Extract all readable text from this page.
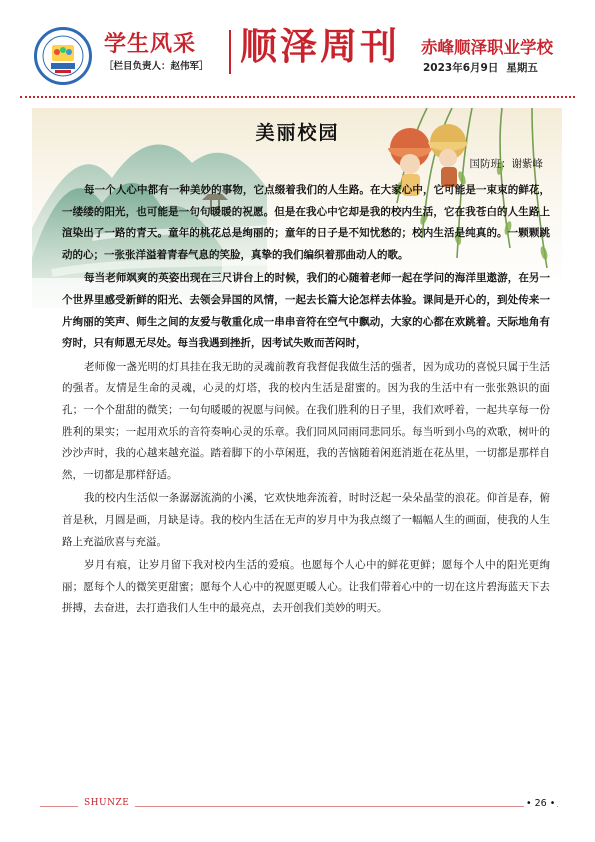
学生风采
［栏目负责人：赵伟军］ 顺泽周刊 赤峰顺泽职业学校
2023年6月9日 星期五
美丽校园
国防班：谢紫峰

每一个人心中都有一种美妙的事物，它点缀着我们的人生路。在大家心中，它可能是一束束的鲜花，一缕缕的阳光，也可能是一句句暖暖的祝愿。但是在我心中它却是我的校内生活，它在我苍白的人生路上渲染出了一路的青天。童年的桃花总是绚丽的；童年的日子是不知忧愁的；校内生活是纯真的。一颗颗跳动的心；一张张洋溢着青春气息的笑脸，真挚的我们编织着那曲动人的歌。

每当老师飒爽的英姿出现在三尺讲台上的时候，我们的心随着老师一起在学问的海洋里遨游，在另一个世界里感受新鲜的阳光、去领会异国的风情，一起去长篇大论怎样去体验。课间是开心的，到处传来一片绚丽的笑声、师生之间的友爱与敬重化成一串串音符在空气中飘动，大家的心都在欢跳着。天际地角有穷时，只有师恩无尽处。每当我遇到挫折，因考试失败而苦闷时，

老师像一盏光明的灯具挂在我无助的灵魂前教育我督促我做生活的强者，因为成功的喜悦只属于生活的强者。友情是生命的灵魂，心灵的灯塔，我的校内生活是甜蜜的。因为我的生活中有一张张熟识的面孔；一个个甜甜的微笑；一句句暖暖的祝愿与问候。在我们胜利的日子里，我们欢呼着，一起共享每一份胜利的果实；一起用欢乐的音符奏响心灵的乐章。我们同风同雨同悲同乐。每当听到小鸟的欢歌，树叶的沙沙声时，我的心越来越充溢。踏着脚下的小草闲逛，我的苦恼随着闲逛消逝在花丛里，一切都是那样自然，一切都是那样舒适。

我的校内生活似一条潺潺流淌的小溪，它欢快地奔流着，时时泛起一朵朵晶莹的浪花。仰首是春，俯首是秋，月圆是画，月缺是诗。我的校内生活在无声的岁月中为我点缀了一幅幅人生的画面，使我的人生路上充溢欣喜与充溢。

岁月有痕，让岁月留下我对校内生活的爱痕。也愿每个人心中的鲜花更鲜；愿每个人中的阳光更绚丽；愿每个人的微笑更甜蜜；愿每个人心中的祝愿更暖人心。让我们带着心中的一切在这片碧海蓝天下去拼搏，去奋进，去打造我们人生中的最亮点，去开创我们美妙的明天。

SHUNZE	• 26 •
